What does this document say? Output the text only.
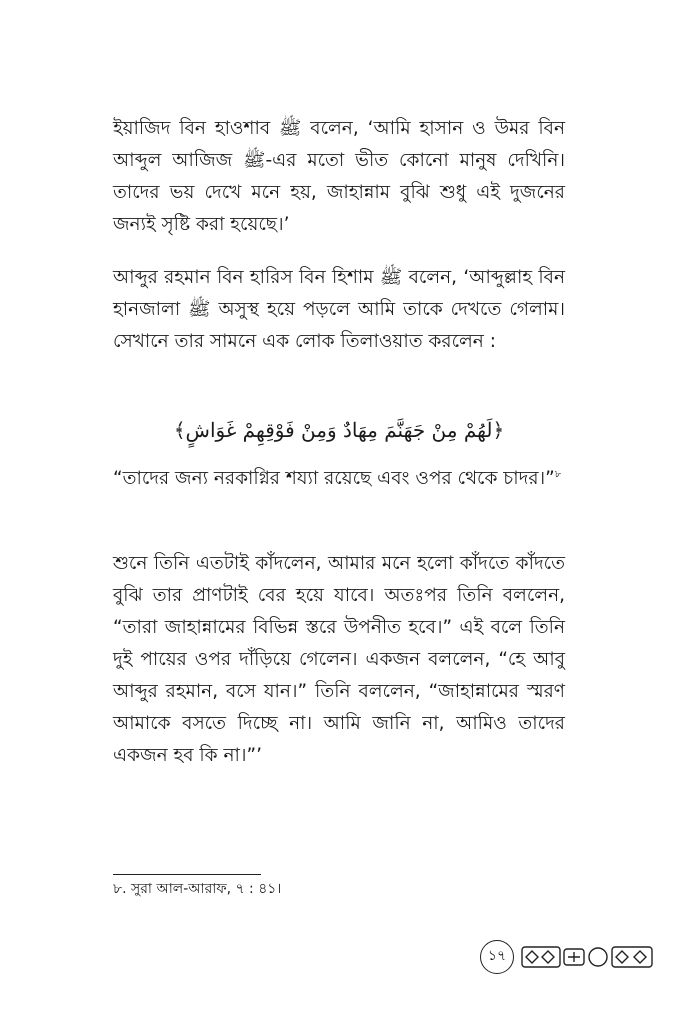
ইয়াজিদ বিন হাওশাব ﷺ বলেন, ‘আমি হাসান ও উমর বিন আব্দুল আজিজ ﷺ-এর মতো ভীত কোনো মানুষ দেখিনি। তাদের ভয় দেখে মনে হয়, জাহান্নাম বুঝি শুধু এই দুজনের জন্যই সৃষ্টি করা হয়েছে।’

আব্দুর রহমান বিন হারিস বিন হিশাম ﷺ বলেন, ‘আব্দুল্লাহ বিন হানজালা ﷺ অসুস্থ হয়ে পড়লে আমি তাকে দেখতে গেলাম। সেখানে তার সামনে এক লোক তিলাওয়াত করলেন :

﴿لَهُمْ مِنْ جَهَنَّمَ مِهَادٌ وَمِنْ فَوْقِهِمْ غَوَاشٍ﴾

“তাদের জন্য নরকাগ্নির শয্যা রয়েছে এবং ওপর থেকে চাদর।”$^৮$

শুনে তিনি এতটাই কাঁদলেন, আমার মনে হলো কাঁদতে কাঁদতে বুঝি তার প্রাণটাই বের হয়ে যাবে। অতঃপর তিনি বললেন, “তারা জাহান্নামের বিভিন্ন স্তরে উপনীত হবে।” এই বলে তিনি দুই পায়ের ওপর দাঁড়িয়ে গেলেন। একজন বললেন, “হে আবু আব্দুর রহমান, বসে যান।” তিনি বললেন, “জাহান্নামের স্মরণ আমাকে বসতে দিচ্ছে না। আমি জানি না, আমিও তাদের একজন হব কি না।”’

৮. সুরা আল-আরাফ, ৭ : ৪১।
১৭
